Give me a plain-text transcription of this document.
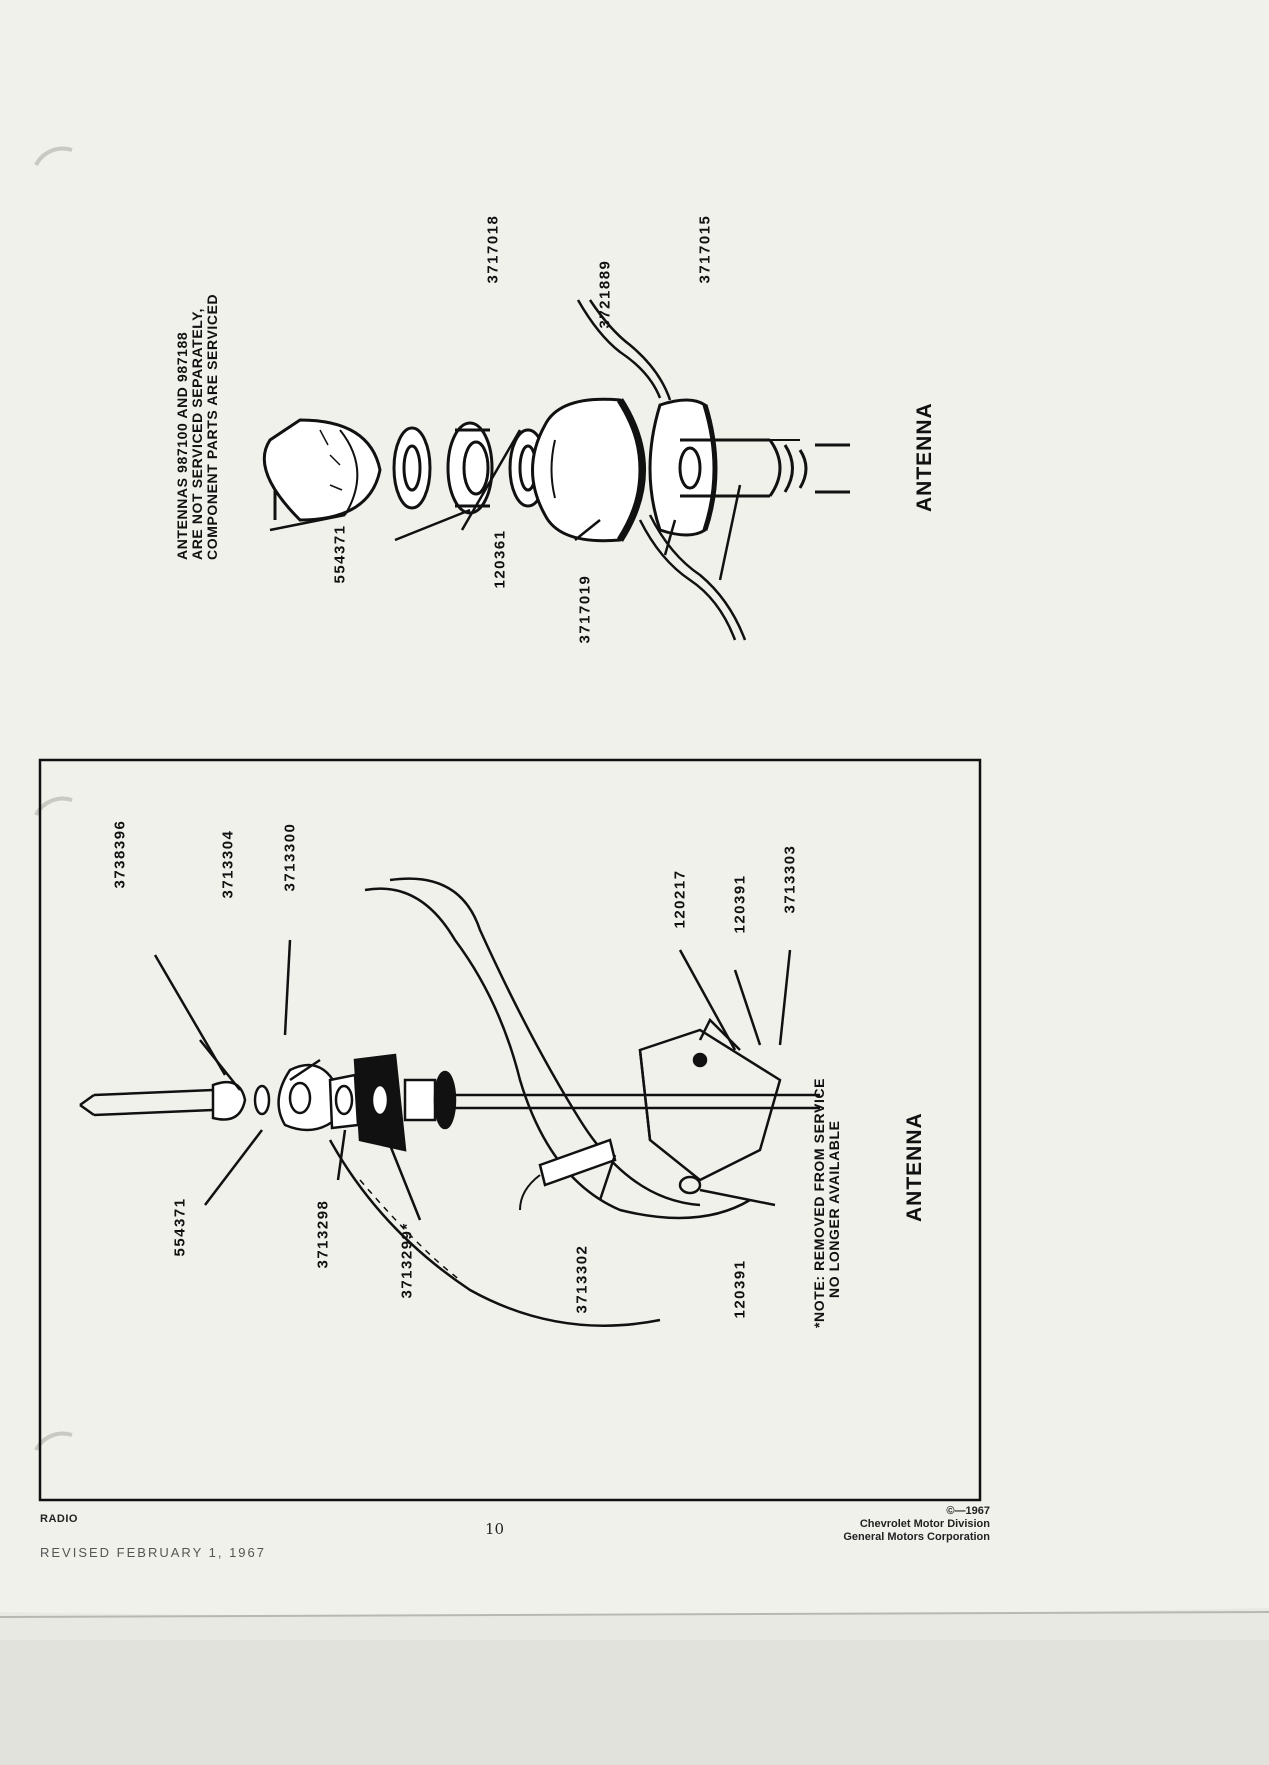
ANTENNAS 987100 AND 987188 ARE NOT SERVICED SEPARATELY, COMPONENT PARTS ARE SERVICED	554371	120361
3717019
3717018
3721889
3717015
ANTENNA
3738396	3713304	3713300
554371	3713298	3713299*	3713302
120217	120391 3713303
120391	*NOTE: REMOVED FROM SERVICE NO LONGER AVAILABLE	ANTENNA
RADIO
REVISED FEBRUARY 1, 1967
10
©—1967
Chevrolet Motor Division
General Motors Corporation
